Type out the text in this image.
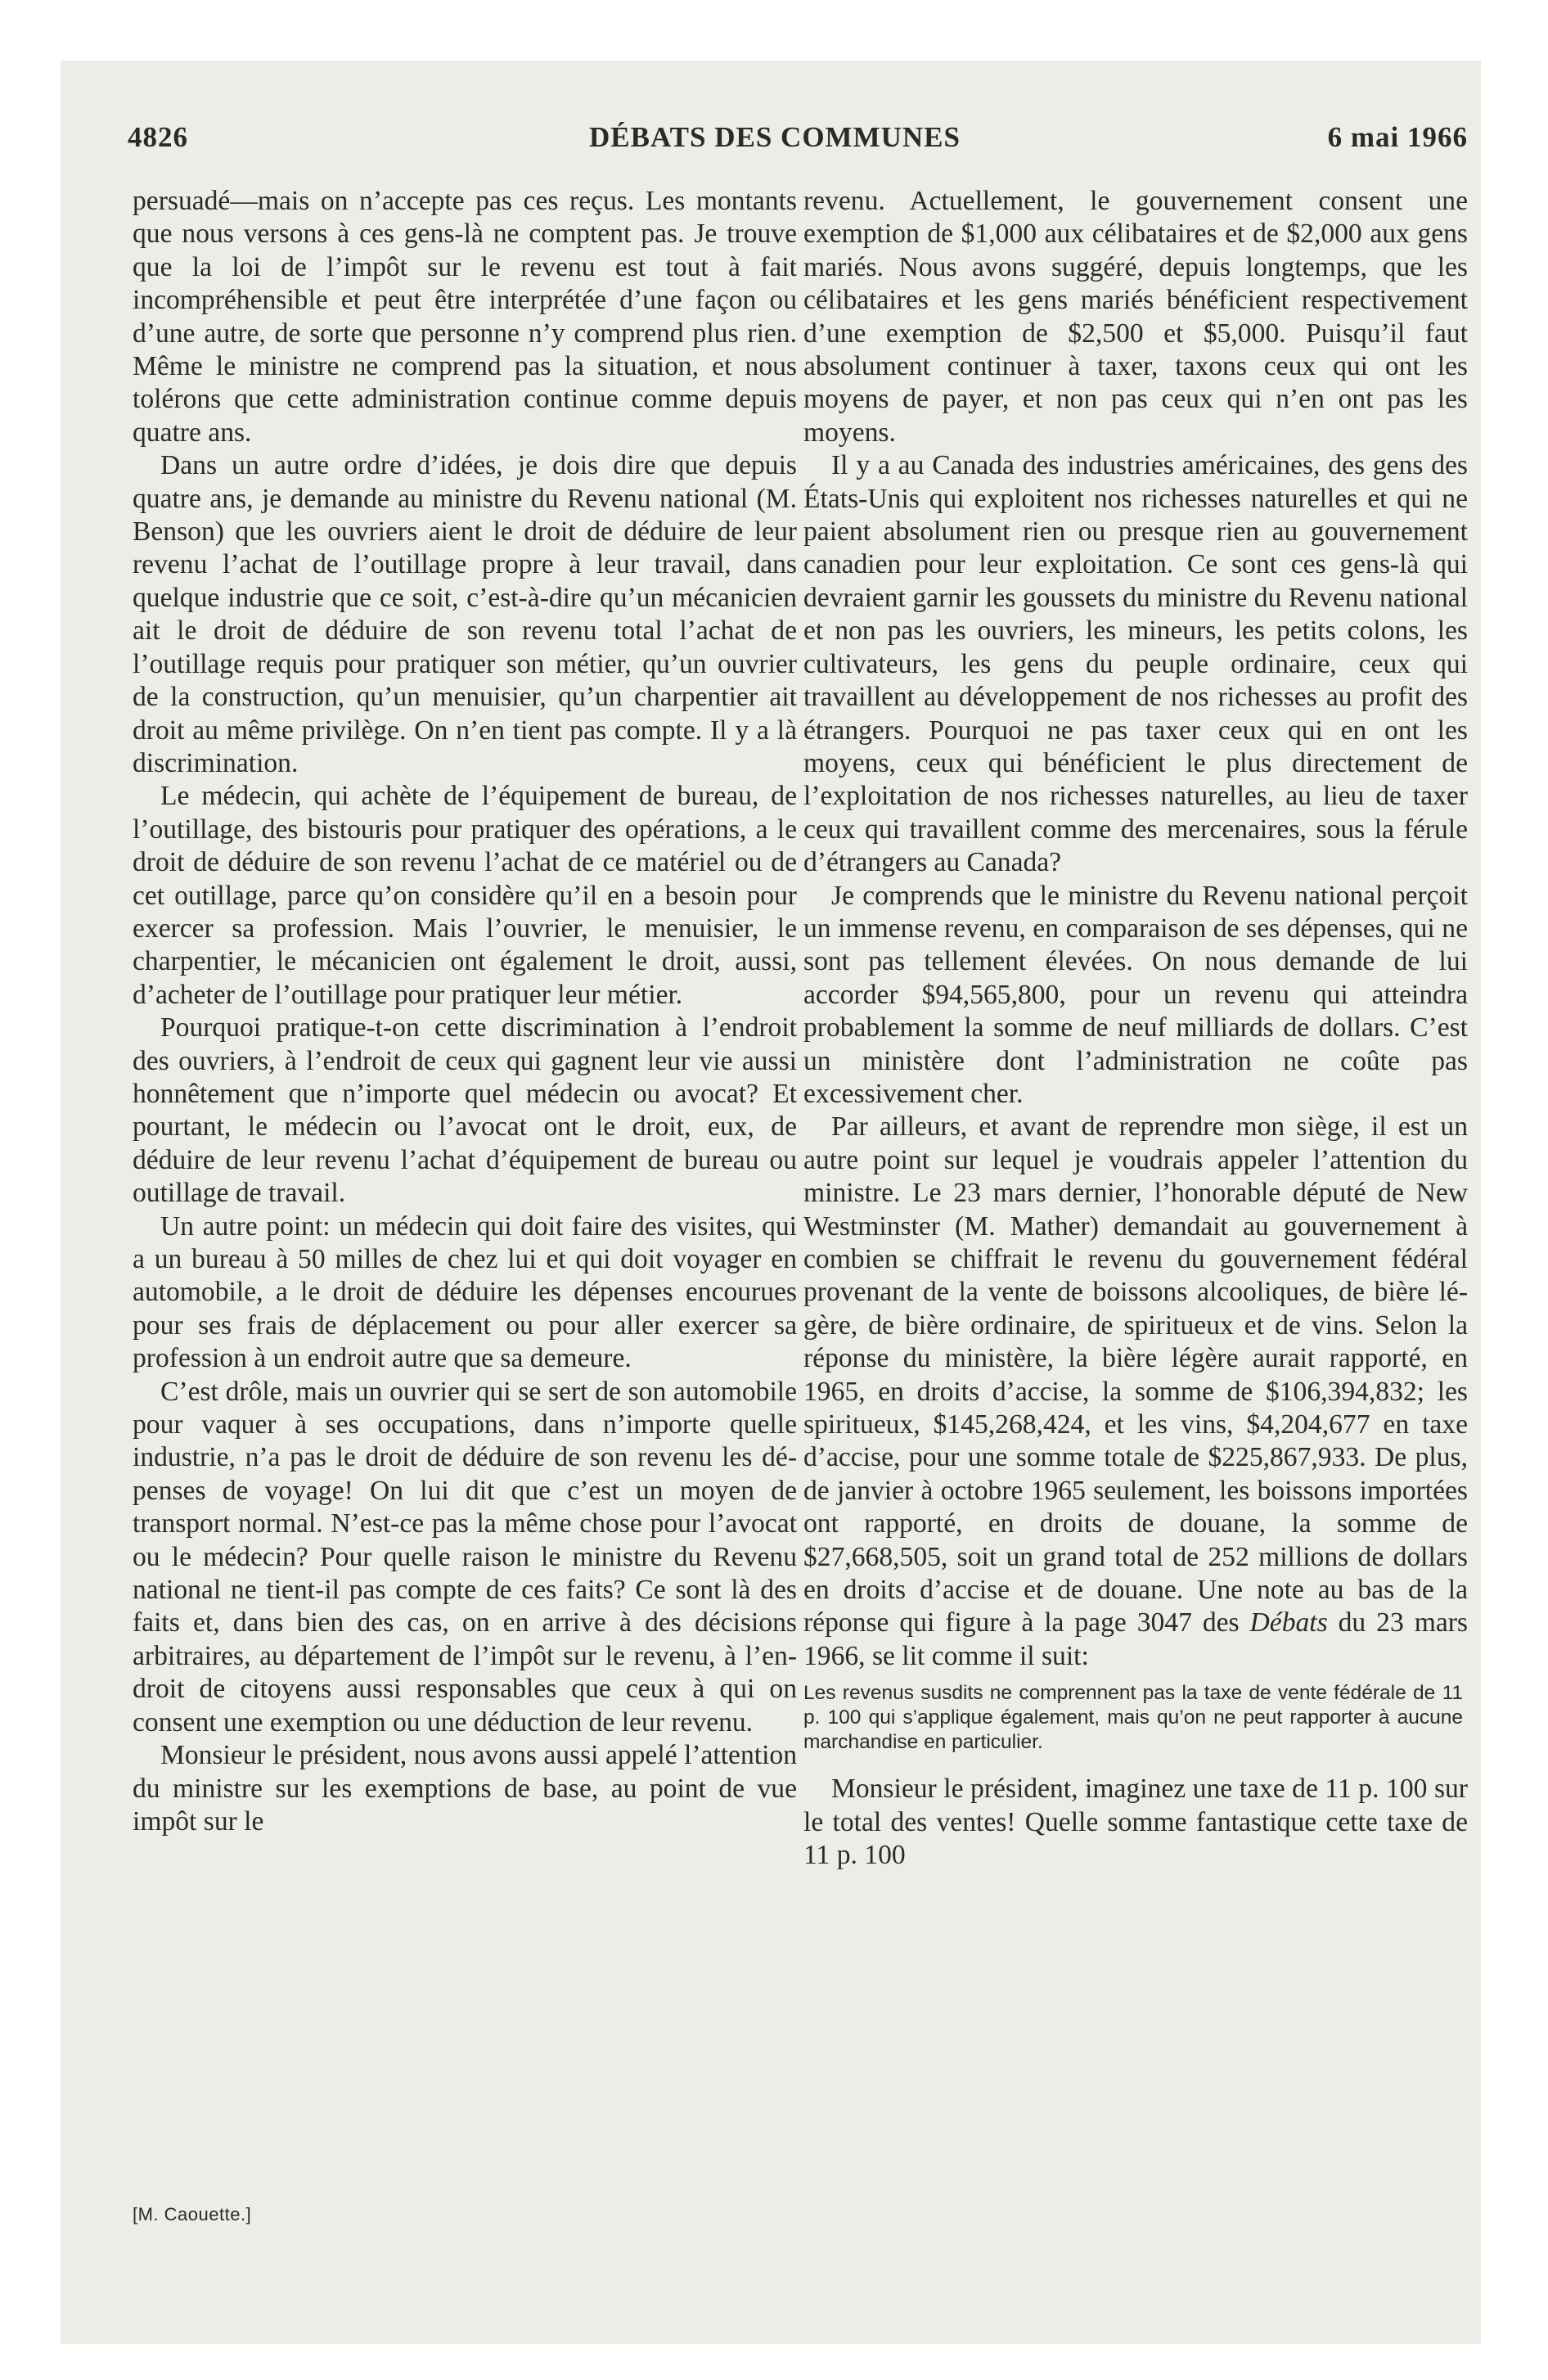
4826	DÉBATS DES COMMUNES	6 mai 1966

persuadé—mais on n’accepte pas ces reçus. Les montants que nous versons à ces gens-là ne comptent pas. Je trouve que la loi de l’impôt sur le revenu est tout à fait incompréhensible et peut être interprétée d’une façon ou d’une autre, de sorte que personne n’y comprend plus rien. Même le ministre ne comprend pas la situation, et nous tolérons que cette administration continue comme depuis quatre ans.

Dans un autre ordre d’idées, je dois dire que depuis quatre ans, je demande au ministre du Revenu national (M. Benson) que les ouvriers aient le droit de déduire de leur revenu l’achat de l’outillage propre à leur travail, dans quelque industrie que ce soit, c’est-à-dire qu’un mécanicien ait le droit de déduire de son revenu total l’achat de l’outillage requis pour pratiquer son métier, qu’un ouvrier de la construction, qu’un menuisier, qu’un charpentier ait droit au même privilège. On n’en tient pas compte. Il y a là discrimination.

Le médecin, qui achète de l’équipement de bureau, de l’outillage, des bistouris pour pratiquer des opérations, a le droit de déduire de son revenu l’achat de ce matériel ou de cet outillage, parce qu’on considère qu’il en a besoin pour exercer sa profession. Mais l’ouvrier, le menuisier, le charpentier, le mécanicien ont également le droit, aussi, d’acheter de l’outillage pour pratiquer leur métier.

Pourquoi pratique-t-on cette discrimination à l’endroit des ouvriers, à l’endroit de ceux qui gagnent leur vie aussi honnêtement que n’importe quel médecin ou avocat? Et pourtant, le médecin ou l’avocat ont le droit, eux, de déduire de leur revenu l’achat d’équipement de bureau ou outillage de travail.

Un autre point: un médecin qui doit faire des visites, qui a un bureau à 50 milles de chez lui et qui doit voyager en automobile, a le droit de déduire les dépenses encourues pour ses frais de déplacement ou pour aller exercer sa profession à un endroit autre que sa demeure.

C’est drôle, mais un ouvrier qui se sert de son automobile pour vaquer à ses occupations, dans n’importe quelle industrie, n’a pas le droit de déduire de son revenu les dépenses de voyage! On lui dit que c’est un moyen de transport normal. N’est-ce pas la même chose pour l’avocat ou le médecin? Pour quelle raison le ministre du Revenu national ne tient-il pas compte de ces faits? Ce sont là des faits et, dans bien des cas, on en arrive à des décisions arbitraires, au département de l’impôt sur le revenu, à l’endroit de citoyens aussi responsables que ceux à qui on consent une exemption ou une déduction de leur revenu.

Monsieur le président, nous avons aussi appelé l’attention du ministre sur les exemptions de base, au point de vue impôt sur le

[M. Caouette.]

revenu. Actuellement, le gouvernement consent une exemption de $1,000 aux célibataires et de $2,000 aux gens mariés. Nous avons suggéré, depuis longtemps, que les célibataires et les gens mariés bénéficient respectivement d’une exemption de $2,500 et $5,000. Puisqu’il faut absolument continuer à taxer, taxons ceux qui ont les moyens de payer, et non pas ceux qui n’en ont pas les moyens.

Il y a au Canada des industries américaines, des gens des États-Unis qui exploitent nos richesses naturelles et qui ne paient absolument rien ou presque rien au gouvernement canadien pour leur exploitation. Ce sont ces gens-là qui devraient garnir les goussets du ministre du Revenu national et non pas les ouvriers, les mineurs, les petits colons, les cultivateurs, les gens du peuple ordinaire, ceux qui travaillent au développement de nos richesses au profit des étrangers. Pourquoi ne pas taxer ceux qui en ont les moyens, ceux qui bénéficient le plus directement de l’exploitation de nos richesses naturelles, au lieu de taxer ceux qui travaillent comme des mercenaires, sous la férule d’étrangers au Canada?

Je comprends que le ministre du Revenu national perçoit un immense revenu, en comparaison de ses dépenses, qui ne sont pas tellement élevées. On nous demande de lui accorder $94,565,800, pour un revenu qui atteindra probablement la somme de neuf milliards de dollars. C’est un ministère dont l’administration ne coûte pas excessivement cher.

Par ailleurs, et avant de reprendre mon siège, il est un autre point sur lequel je voudrais appeler l’attention du ministre. Le 23 mars dernier, l’honorable député de New Westminster (M. Mather) demandait au gouvernement à combien se chiffrait le revenu du gouvernement fédéral provenant de la vente de boissons alcooliques, de bière légère, de bière ordinaire, de spiritueux et de vins. Selon la réponse du ministère, la bière légère aurait rapporté, en 1965, en droits d’accise, la somme de $106,394,832; les spiritueux, $145,268,424, et les vins, $4,204,677 en taxe d’accise, pour une somme totale de $225,867,933. De plus, de janvier à octobre 1965 seulement, les boissons importées ont rapporté, en droits de douane, la somme de $27,668,505, soit un grand total de 252 millions de dollars en droits d’accise et de douane. Une note au bas de la réponse qui figure à la page 3047 des Débats du 23 mars 1966, se lit comme il suit:

Les revenus susdits ne comprennent pas la taxe de vente fédérale de 11 p. 100 qui s’applique également, mais qu’on ne peut rapporter à aucune marchandise en particulier.

Monsieur le président, imaginez une taxe de 11 p. 100 sur le total des ventes! Quelle somme fantastique cette taxe de 11 p. 100
